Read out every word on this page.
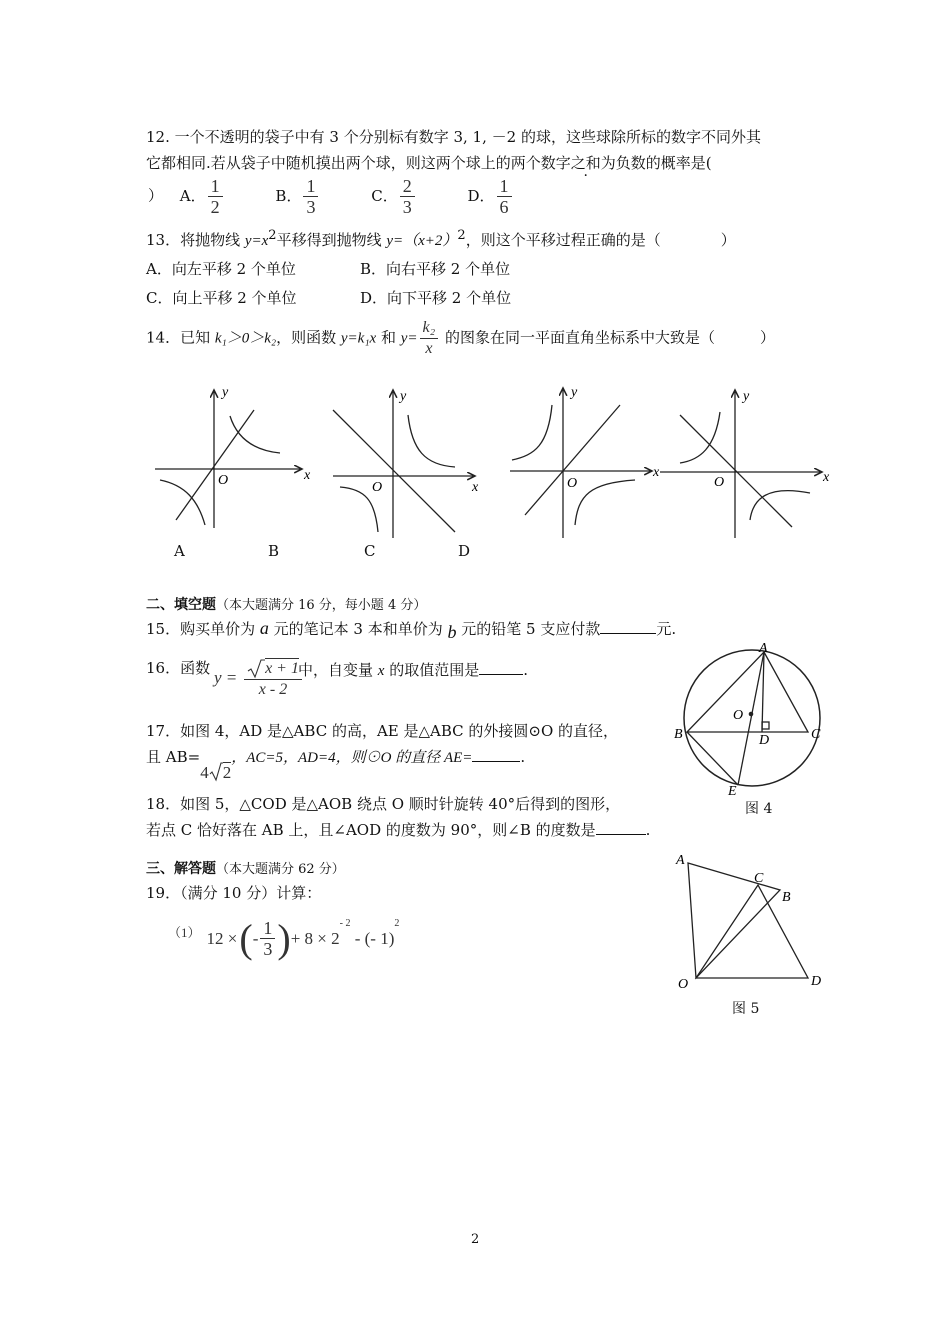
12. 一个不透明的袋子中有 3 个分别标有数字 3, 1, －2 的球，这些球除所标的数字不同外其
它都相同.若从袋子中随机摸出两个球，则这两个球上的两个数字之和为负数的概率是(
） A． $\frac{1}{2}$	B． $\frac{1}{3}$	C． $\frac{2}{3}$	D． $\frac{1}{6}$
13．将抛物线 $y=x^2$平移得到抛物线 $y=(x+2)^2$，则这个平移过程正确的是（　　　　）
A．向左平移 2 个单位	B．向右平移 2 个单位
C．向上平移 2 个单位	D．向下平移 2 个单位
14．已知 k₁＞0＞k₂，则函数 y=k₁x 和 $y= \frac{\text{k₂}}{x}$ 的图象在同一平面直角坐标系中大致是（　　　）
y
x
O
y
x
O
y
x
O
y
x
O
A	B	C	D
二、填空题（本大题满分 16 分，每小题 4 分）
15．购买单价为 a 元的笔记本 3 本和单价为 b 元的铅笔 5 支应付款	元.
16．函数 $y = \frac{x + 1}{x - 2}$
中，自变量 x 的取值范围是	.
17．如图 4，AD 是△ABC 的高，AE 是△ABC 的外接圆⊙O 的直径，
且 AB=4 2，AC=5，AD=4，则⊙O 的直径 AE=	.
18．如图 5，△COD 是△AOB 绕点 O 顺时针旋转 40°后得到的图形，
若点 C 恰好落在 AB 上，且∠AOD 的度数为 90°，则∠B 的度数是	.
三、解答题（本大题满分 62 分）
19．（满分 10 分）计算：
（1） 12 × ( - $\frac{1}{3}$ ) + 8 × 2
$^{- 2}$
- (- 1)
$^2$
A
B	C
D
E
O
图 4
A
C
B
O	D
图 5
2
